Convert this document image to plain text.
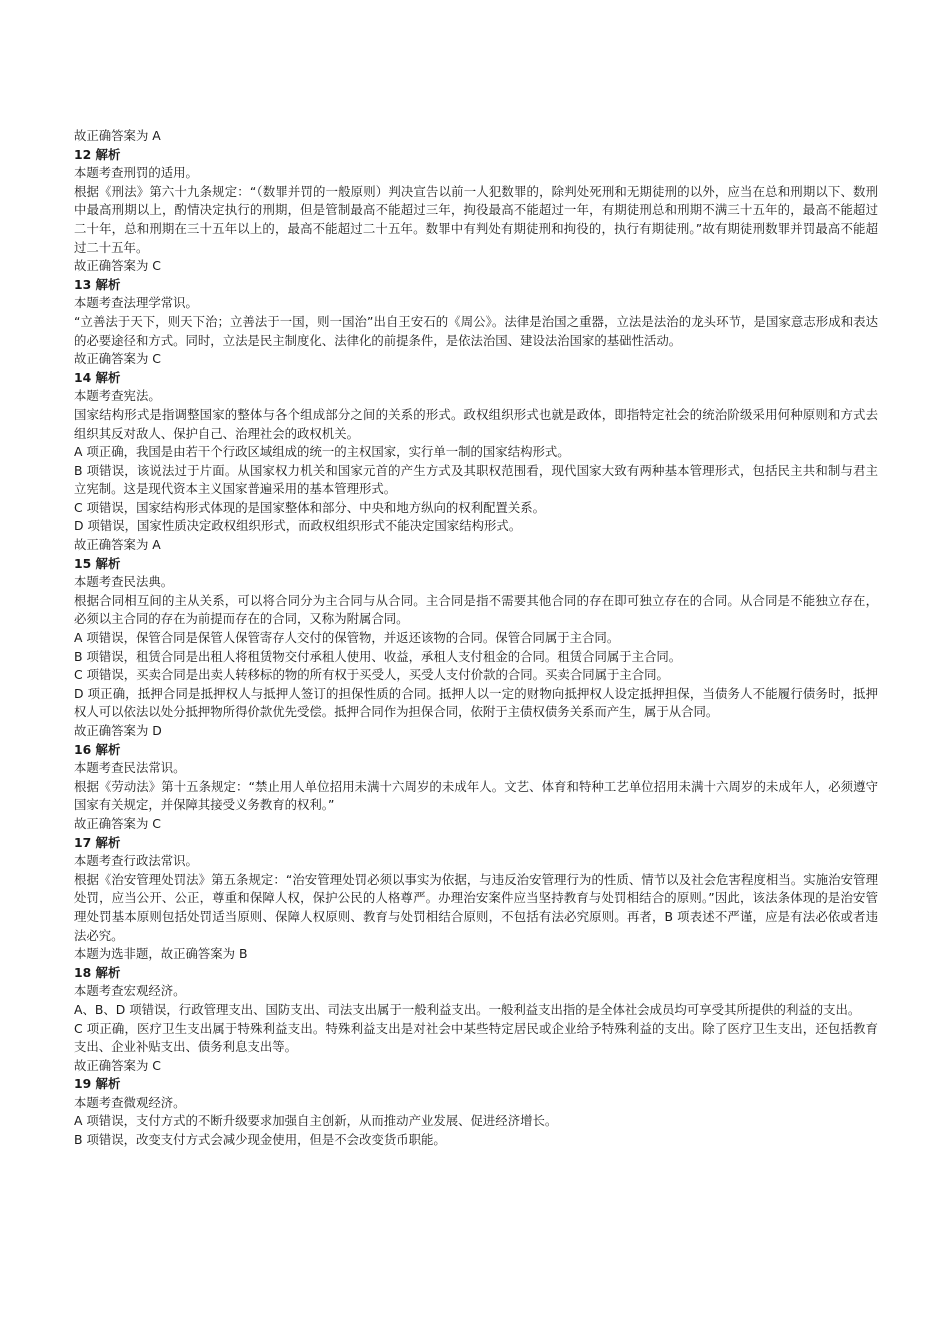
故正确答案为 A
12 解析
本题考查刑罚的适用。
根据《刑法》第六十九条规定：“（数罪并罚的一般原则）判决宣告以前一人犯数罪的，除判处死刑和无期徒刑的以外，应当在总和刑期以下、数刑中最高刑期以上，酌情决定执行的刑期，但是管制最高不能超过三年，拘役最高不能超过一年，有期徒刑总和刑期不满三十五年的，最高不能超过二十年，总和刑期在三十五年以上的，最高不能超过二十五年。数罪中有判处有期徒刑和拘役的，执行有期徒刑。”故有期徒刑数罪并罚最高不能超过二十五年。
故正确答案为 C
13 解析
本题考查法理学常识。
“立善法于天下，则天下治；立善法于一国，则一国治”出自王安石的《周公》。法律是治国之重器，立法是法治的龙头环节，是国家意志形成和表达的必要途径和方式。同时，立法是民主制度化、法律化的前提条件，是依法治国、建设法治国家的基础性活动。
故正确答案为 C
14 解析
本题考查宪法。
国家结构形式是指调整国家的整体与各个组成部分之间的关系的形式。政权组织形式也就是政体，即指特定社会的统治阶级采用何种原则和方式去组织其反对敌人、保护自己、治理社会的政权机关。
A 项正确，我国是由若干个行政区域组成的统一的主权国家，实行单一制的国家结构形式。
B 项错误，该说法过于片面。从国家权力机关和国家元首的产生方式及其职权范围看，现代国家大致有两种基本管理形式，包括民主共和制与君主立宪制。这是现代资本主义国家普遍采用的基本管理形式。
C 项错误，国家结构形式体现的是国家整体和部分、中央和地方纵向的权利配置关系。
D 项错误，国家性质决定政权组织形式，而政权组织形式不能决定国家结构形式。
故正确答案为 A
15 解析
本题考查民法典。
根据合同相互间的主从关系，可以将合同分为主合同与从合同。主合同是指不需要其他合同的存在即可独立存在的合同。从合同是不能独立存在，必须以主合同的存在为前提而存在的合同，又称为附属合同。
A 项错误，保管合同是保管人保管寄存人交付的保管物，并返还该物的合同。保管合同属于主合同。
B 项错误，租赁合同是出租人将租赁物交付承租人使用、收益，承租人支付租金的合同。租赁合同属于主合同。
C 项错误，买卖合同是出卖人转移标的物的所有权于买受人，买受人支付价款的合同。买卖合同属于主合同。
D 项正确，抵押合同是抵押权人与抵押人签订的担保性质的合同。抵押人以一定的财物向抵押权人设定抵押担保，当债务人不能履行债务时，抵押权人可以依法以处分抵押物所得价款优先受偿。抵押合同作为担保合同，依附于主债权债务关系而产生，属于从合同。
故正确答案为 D
16 解析
本题考查民法常识。
根据《劳动法》第十五条规定：“禁止用人单位招用未满十六周岁的未成年人。文艺、体育和特种工艺单位招用未满十六周岁的未成年人，必须遵守国家有关规定，并保障其接受义务教育的权利。”
故正确答案为 C
17 解析
本题考查行政法常识。
根据《治安管理处罚法》第五条规定：“治安管理处罚必须以事实为依据，与违反治安管理行为的性质、情节以及社会危害程度相当。实施治安管理处罚，应当公开、公正，尊重和保障人权，保护公民的人格尊严。办理治安案件应当坚持教育与处罚相结合的原则。”因此，该法条体现的是治安管理处罚基本原则包括处罚适当原则、保障人权原则、教育与处罚相结合原则，不包括有法必究原则。再者，B 项表述不严谨，应是有法必依或者违法必究。
本题为选非题，故正确答案为 B
18 解析
本题考查宏观经济。
A、B、D 项错误，行政管理支出、国防支出、司法支出属于一般利益支出。一般利益支出指的是全体社会成员均可享受其所提供的利益的支出。
C 项正确，医疗卫生支出属于特殊利益支出。特殊利益支出是对社会中某些特定居民或企业给予特殊利益的支出。除了医疗卫生支出，还包括教育支出、企业补贴支出、债务利息支出等。
故正确答案为 C
19 解析
本题考查微观经济。
A 项错误，支付方式的不断升级要求加强自主创新，从而推动产业发展、促进经济增长。
B 项错误，改变支付方式会减少现金使用，但是不会改变货币职能。
